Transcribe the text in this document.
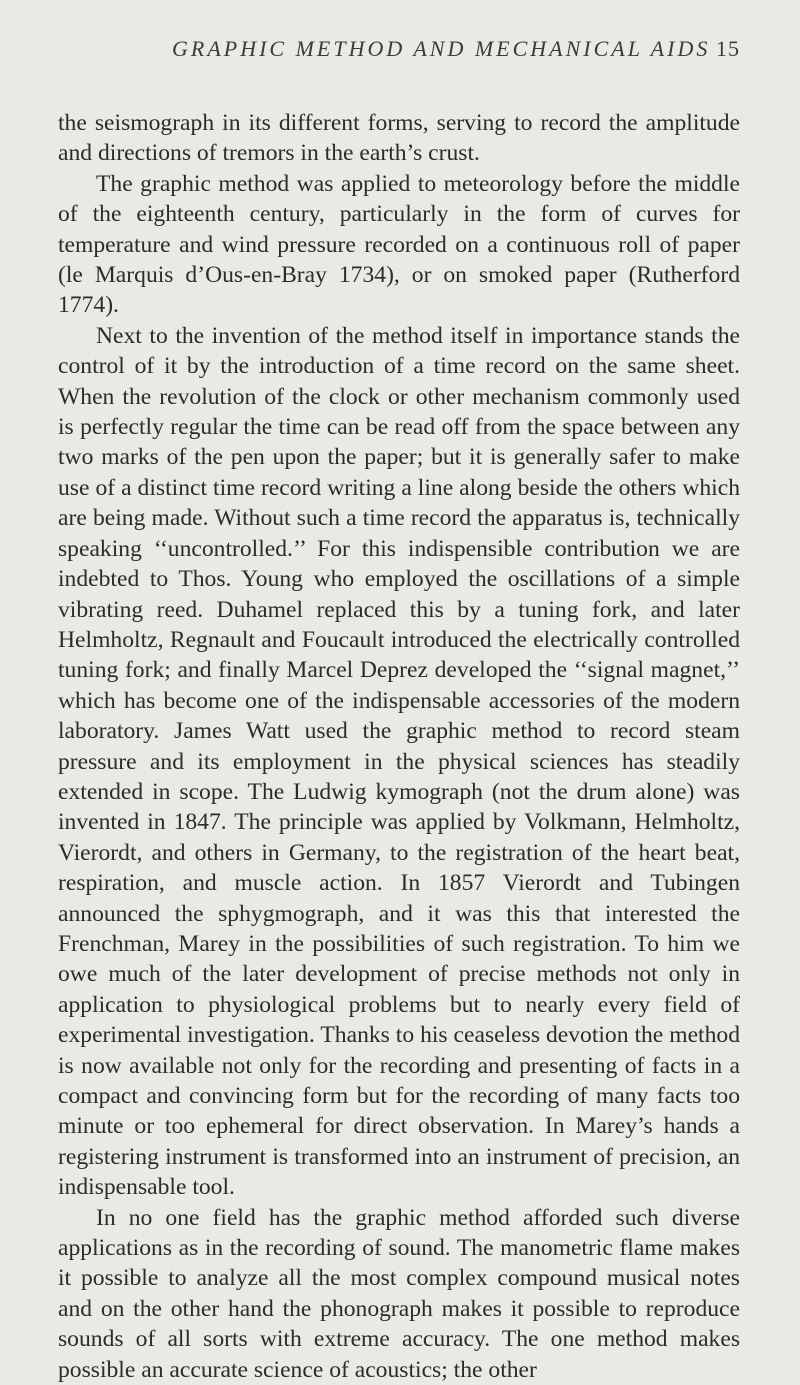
GRAPHIC METHOD AND MECHANICAL AIDS 15

the seismograph in its different forms, serving to record the amplitude and directions of tremors in the earth’s crust.

The graphic method was applied to meteorology before the middle of the eighteenth century, particularly in the form of curves for temperature and wind pressure recorded on a continuous roll of paper (le Marquis d’Ous-en-Bray 1734), or on smoked paper (Rutherford 1774).

Next to the invention of the method itself in importance stands the control of it by the introduction of a time record on the same sheet. When the revolution of the clock or other mechanism commonly used is perfectly regular the time can be read off from the space between any two marks of the pen upon the paper; but it is generally safer to make use of a distinct time record writing a line along beside the others which are being made. Without such a time record the apparatus is, technically speaking ‘‘uncontrolled.’’ For this indispensible contribution we are indebted to Thos. Young who employed the oscillations of a simple vibrating reed. Duhamel replaced this by a tuning fork, and later Helmholtz, Regnault and Foucault introduced the electrically controlled tuning fork; and finally Marcel Deprez developed the ‘‘signal magnet,’’ which has become one of the indispensable accessories of the modern laboratory. James Watt used the graphic method to record steam pressure and its employment in the physical sciences has steadily extended in scope. The Ludwig kymograph (not the drum alone) was invented in 1847. The principle was applied by Volkmann, Helmholtz, Vierordt, and others in Germany, to the registration of the heart beat, respiration, and muscle action. In 1857 Vierordt and Tubingen announced the sphygmograph, and it was this that interested the Frenchman, Marey in the possibilities of such registration. To him we owe much of the later development of precise methods not only in application to physiological problems but to nearly every field of experimental investigation. Thanks to his ceaseless devotion the method is now available not only for the recording and presenting of facts in a compact and convincing form but for the recording of many facts too minute or too ephemeral for direct observation. In Marey’s hands a registering instrument is transformed into an instrument of precision, an indispensable tool.

In no one field has the graphic method afforded such diverse applications as in the recording of sound. The manometric flame makes it possible to analyze all the most complex compound musical notes and on the other hand the phonograph makes it possible to reproduce sounds of all sorts with extreme accuracy. The one method makes possible an accurate science of acoustics; the other
